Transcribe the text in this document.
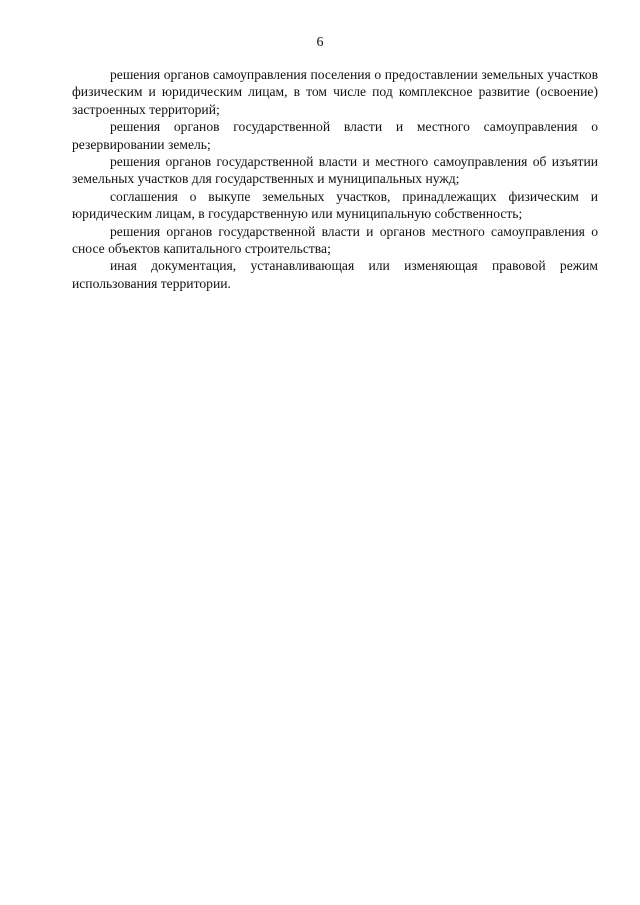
6

решения органов самоуправления поселения о предоставлении земельных участков физическим и юридическим лицам, в том числе под комплексное развитие (освоение) застроенных территорий;

решения органов государственной власти и местного самоуправления о резервировании земель;

решения органов государственной власти и местного самоуправления об изъятии земельных участков для государственных и муниципальных нужд;

соглашения о выкупе земельных участков, принадлежащих физическим и юридическим лицам, в государственную или муниципальную собственность;

решения органов государственной власти и органов местного самоуправления о сносе объектов капитального строительства;

иная документация, устанавливающая или изменяющая правовой режим использования территории.
